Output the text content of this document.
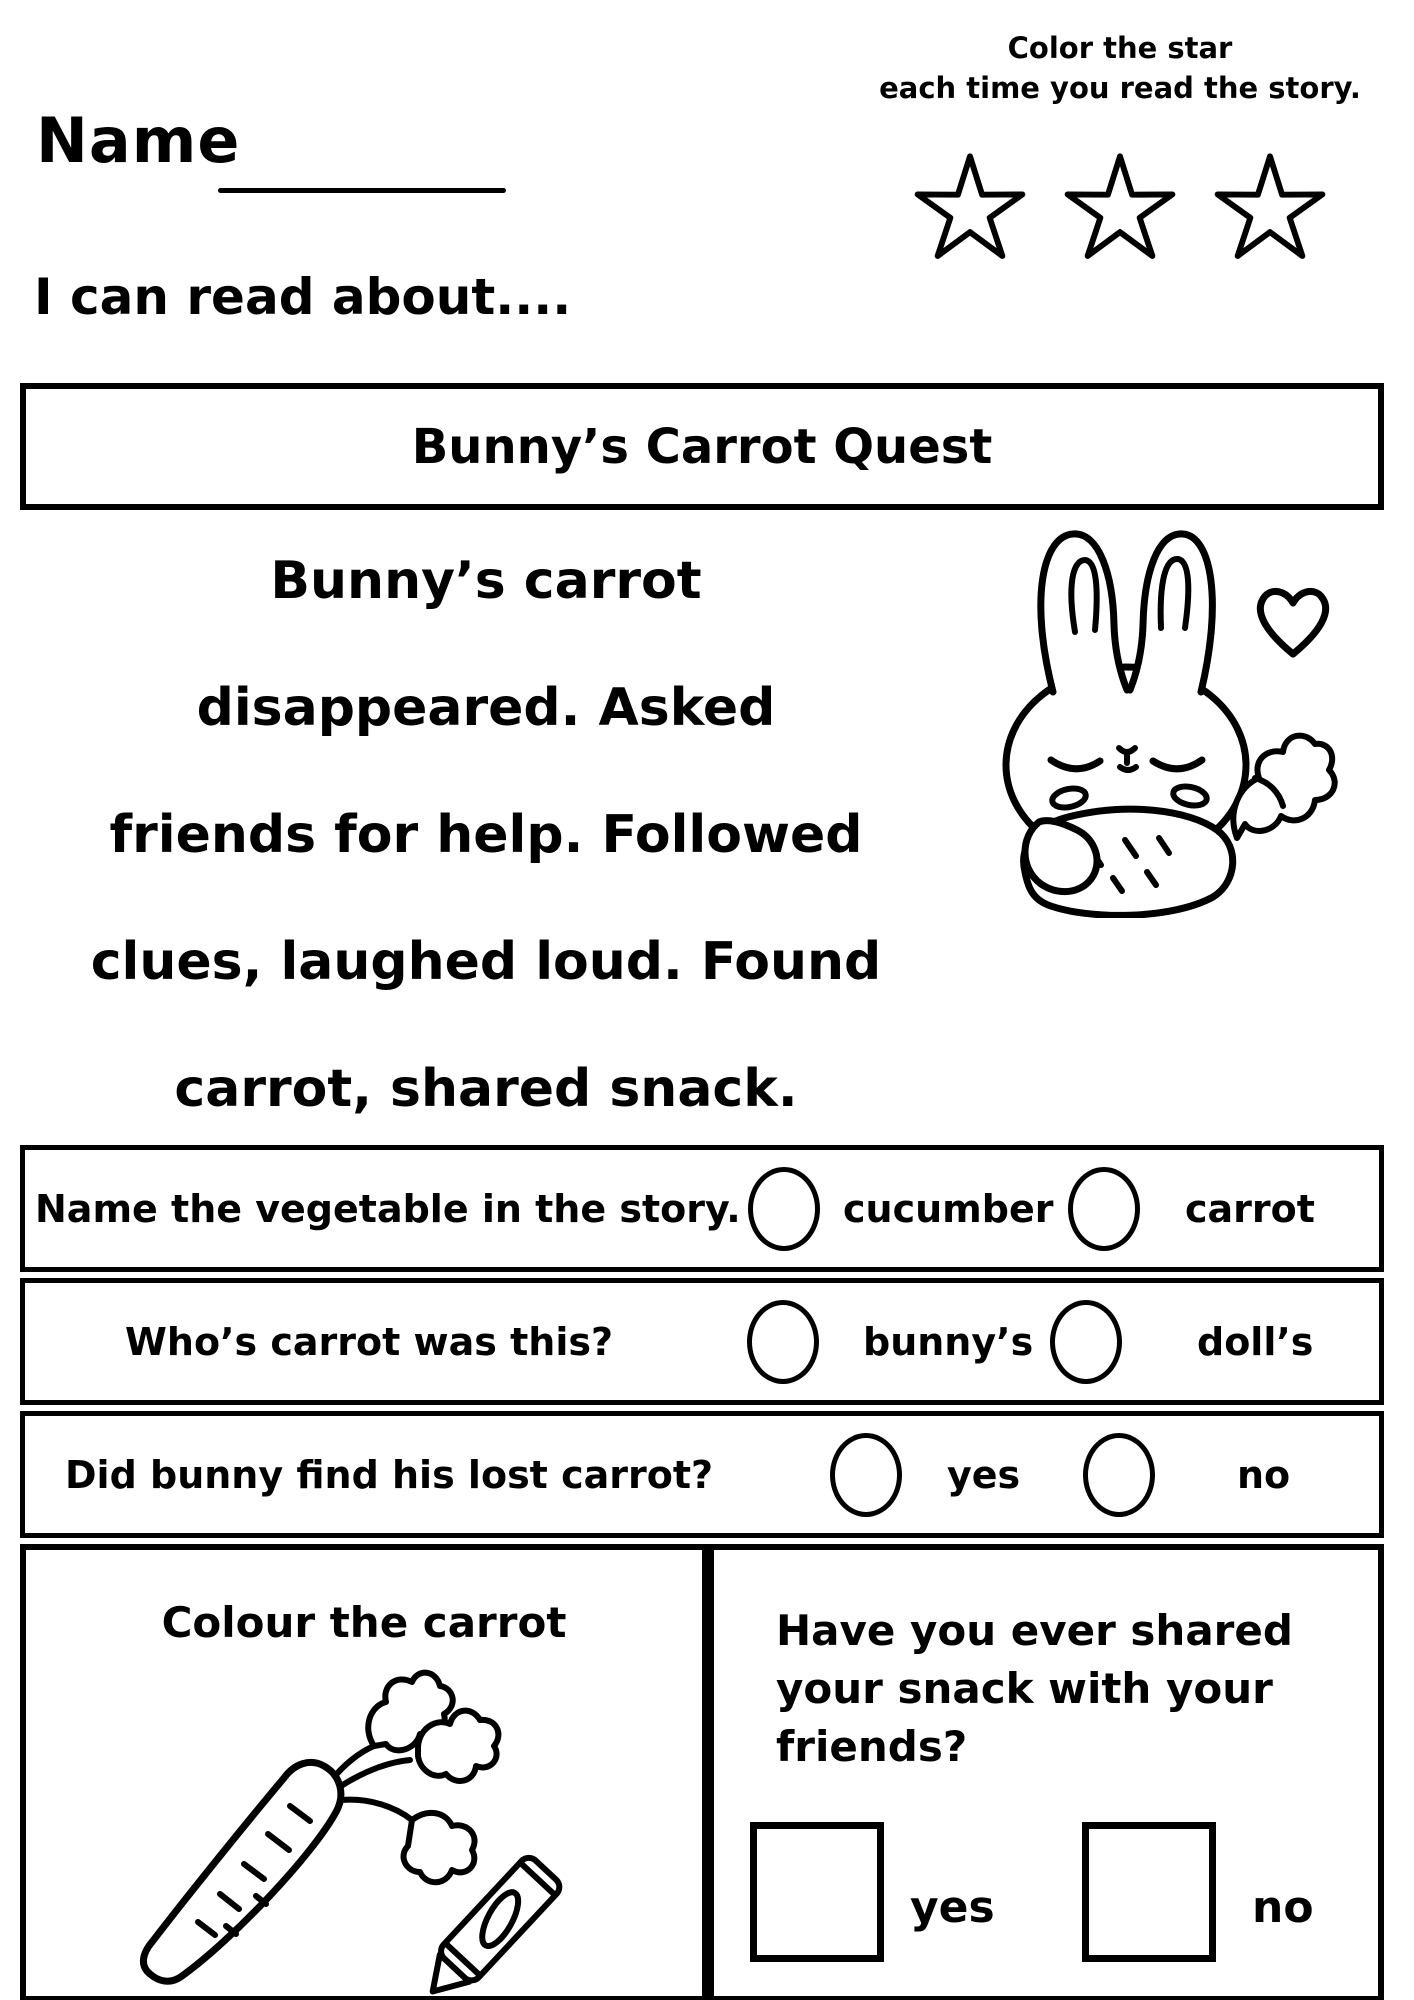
Name
Color the star
each time you read the story.
I can read about....
Bunny’s Carrot Quest
Bunny’s carrot
disappeared. Asked
friends for help. Followed
clues, laughed loud. Found
carrot, shared snack.
Name the vegetable in the story.	cucumber	carrot
Who’s carrot was this?	bunny’s	doll’s
Did bunny find his lost carrot?	yes	no
Colour the carrot	Have you ever shared your snack with your friends?
yes	no
